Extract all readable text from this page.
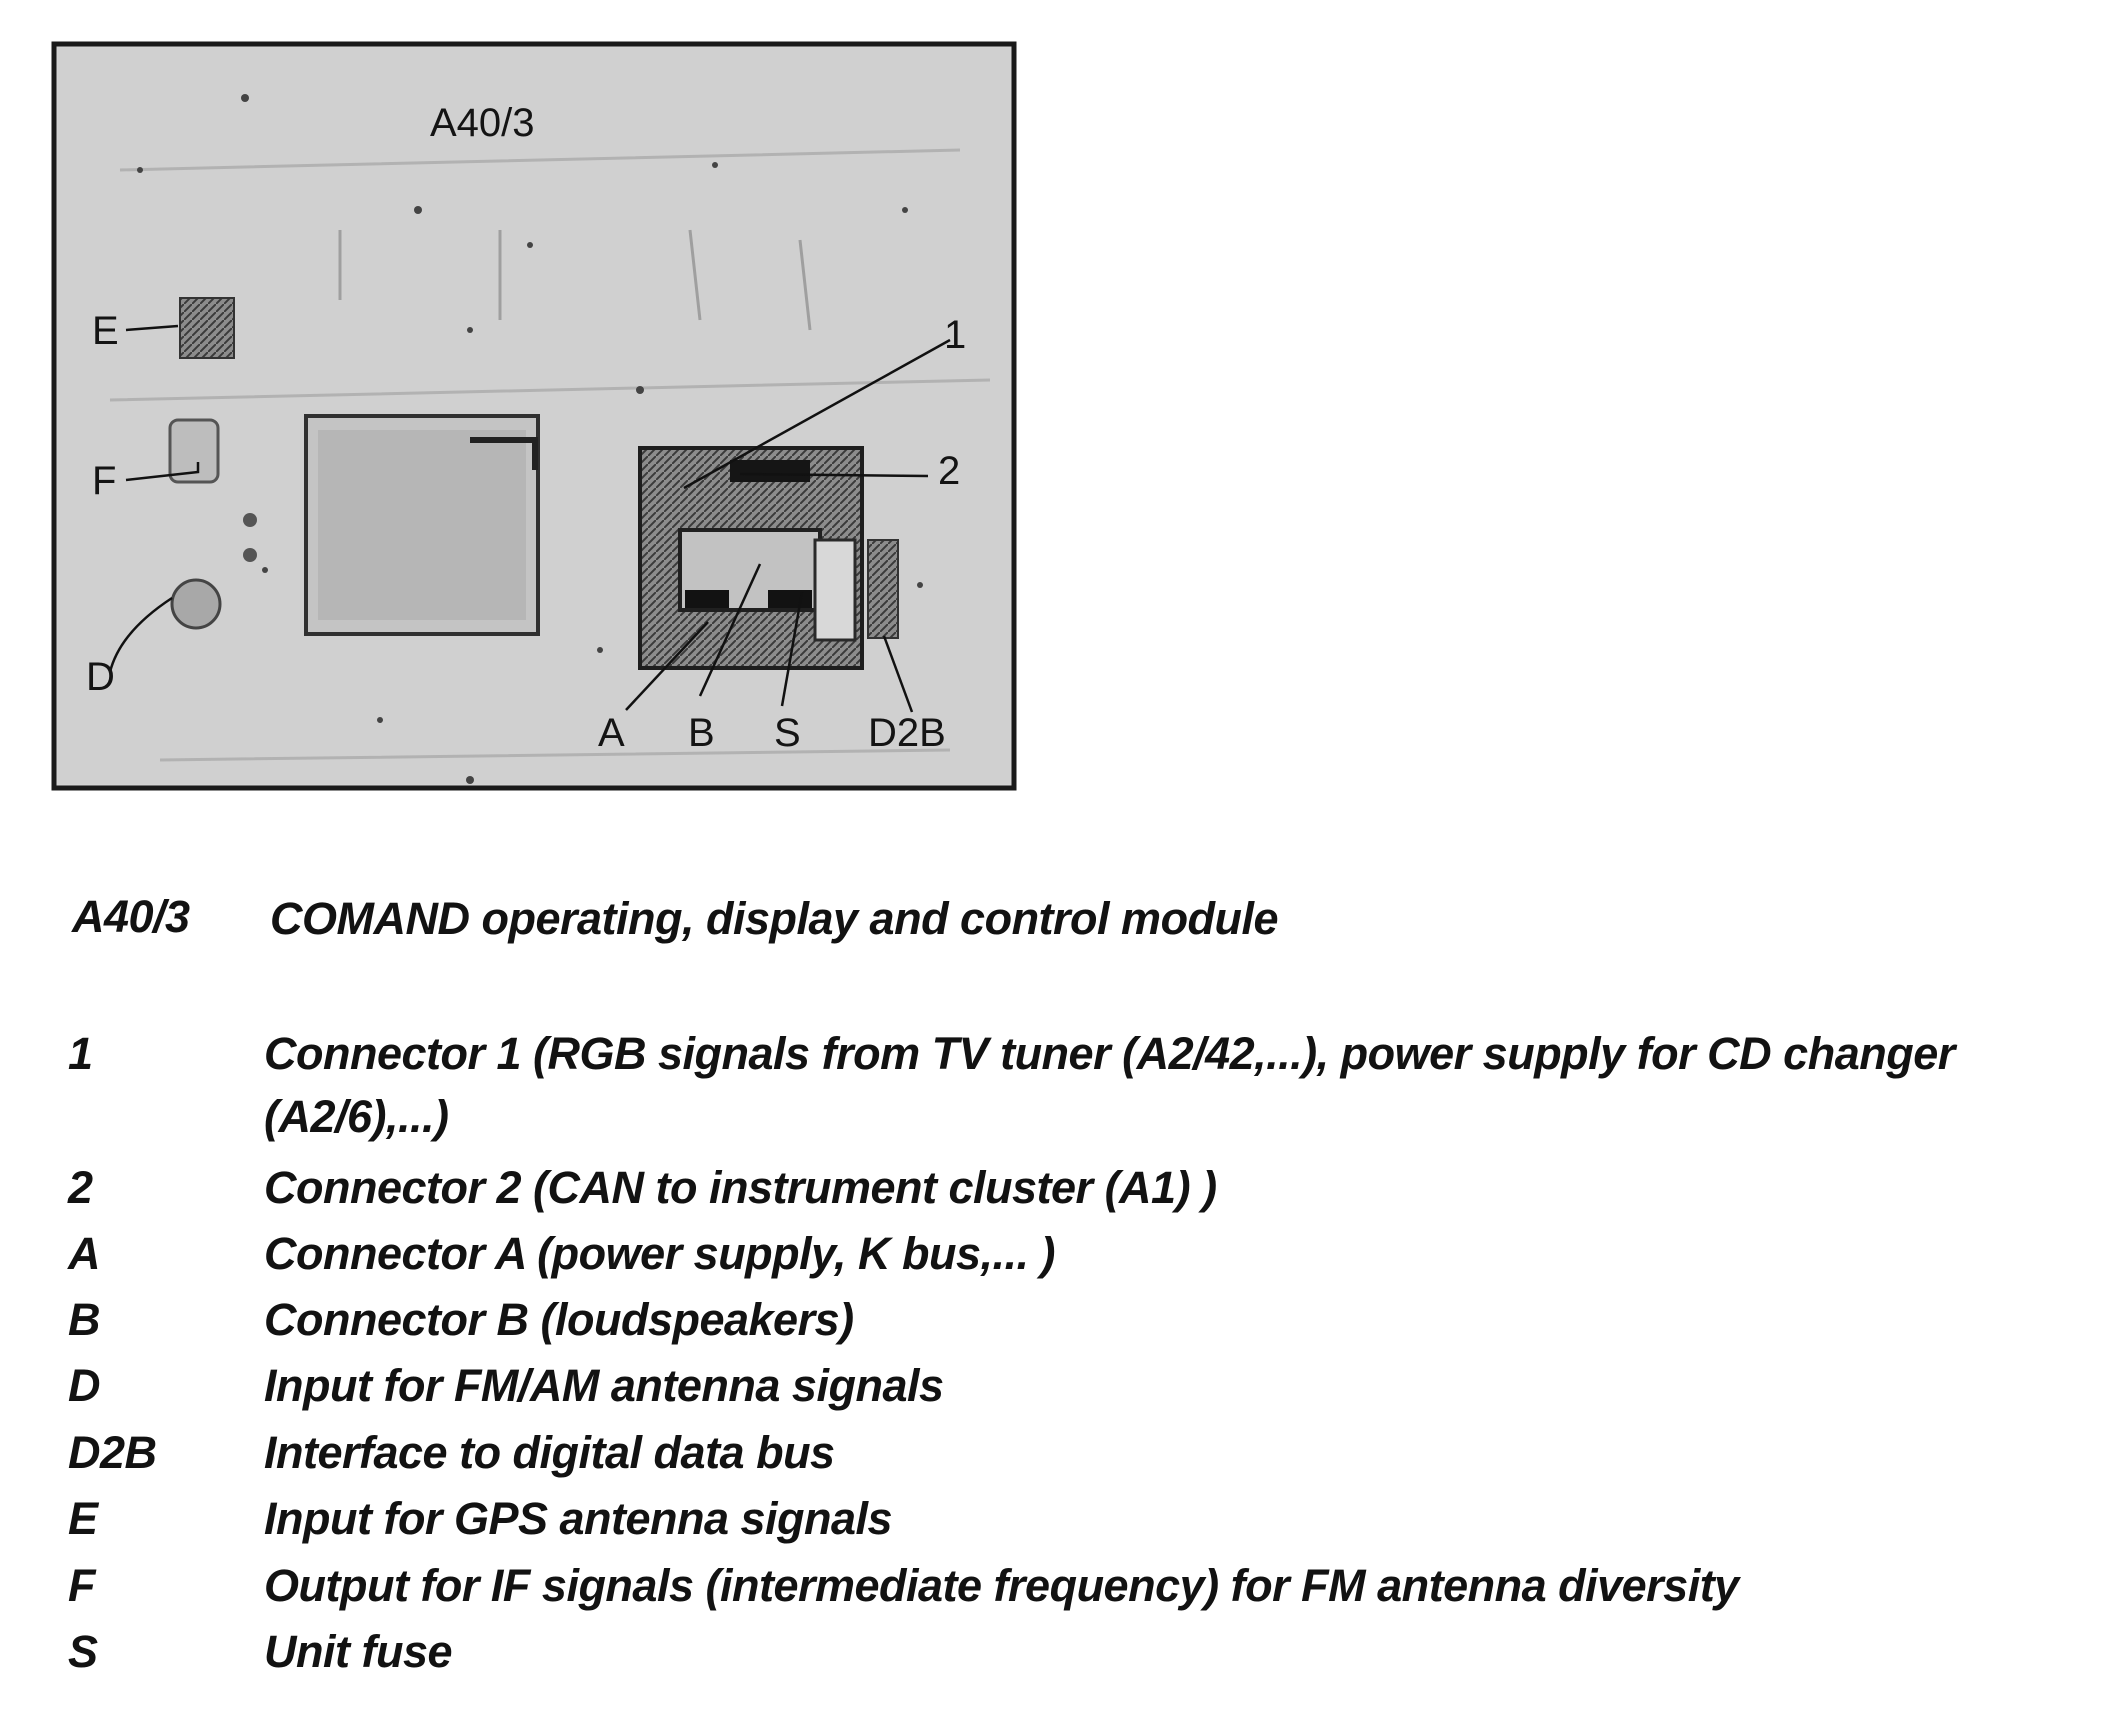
A40/3
E
F
D
1
2
A B S D2B
A40/3	COMAND operating, display and control module
1	Connector 1 (RGB signals from TV tuner (A2/42,...), power supply for CD changer
(A2/6),...)
2	Connector 2 (CAN to instrument cluster (A1) )
A	Connector A (power supply, K bus,... )
B	Connector B (loudspeakers)
D	Input for FM/AM antenna signals
D2B	Interface to digital data bus
E	Input for GPS antenna signals
F	Output for IF signals (intermediate frequency) for FM antenna diversity
S	Unit fuse
